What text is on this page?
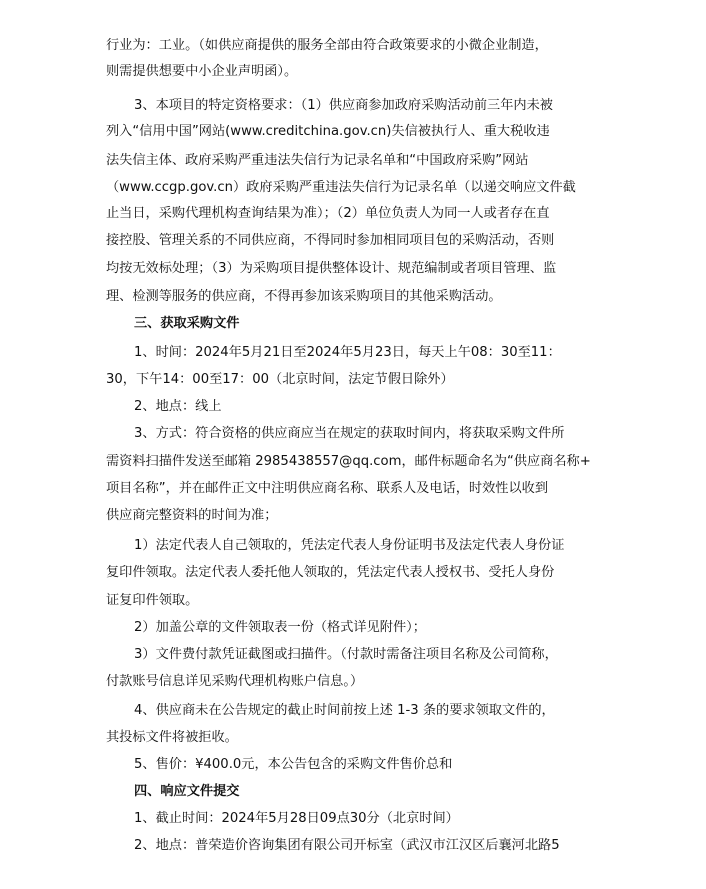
行业为：工业。（如供应商提供的服务全部由符合政策要求的小微企业制造，
则需提供想要中小企业声明函）。
3、本项目的特定资格要求：（1）供应商参加政府采购活动前三年内未被
列入“信用中国”网站(www.creditchina.gov.cn)失信被执行人、重大税收违
法失信主体、政府采购严重违法失信行为记录名单和“中国政府采购”网站
（www.ccgp.gov.cn）政府采购严重违法失信行为记录名单（以递交响应文件截
止当日，采购代理机构查询结果为准）；（2）单位负责人为同一人或者存在直
接控股、管理关系的不同供应商，不得同时参加相同项目包的采购活动，否则
均按无效标处理；（3）为采购项目提供整体设计、规范编制或者项目管理、监
理、检测等服务的供应商，不得再参加该采购项目的其他采购活动。
三、获取采购文件
1、时间：2024年5月21日至2024年5月23日，每天上午08：30至11：
30，下午14：00至17：00（北京时间，法定节假日除外）
2、地点：线上
3、方式：符合资格的供应商应当在规定的获取时间内，将获取采购文件所
需资料扫描件发送至邮箱 2985438557@qq.com，邮件标题命名为“供应商名称+
项目名称”，并在邮件正文中注明供应商名称、联系人及电话，时效性以收到
供应商完整资料的时间为准；
1）法定代表人自己领取的，凭法定代表人身份证明书及法定代表人身份证
复印件领取。法定代表人委托他人领取的，凭法定代表人授权书、受托人身份
证复印件领取。
2）加盖公章的文件领取表一份（格式详见附件）；
3）文件费付款凭证截图或扫描件。（付款时需备注项目名称及公司简称，
付款账号信息详见采购代理机构账户信息。）
4、供应商未在公告规定的截止时间前按上述 1-3 条的要求领取文件的，
其投标文件将被拒收。
5、售价：¥400.0元，本公告包含的采购文件售价总和
四、响应文件提交
1、截止时间：2024年5月28日09点30分（北京时间）
2、地点：普荣造价咨询集团有限公司开标室（武汉市江汉区后襄河北路5
